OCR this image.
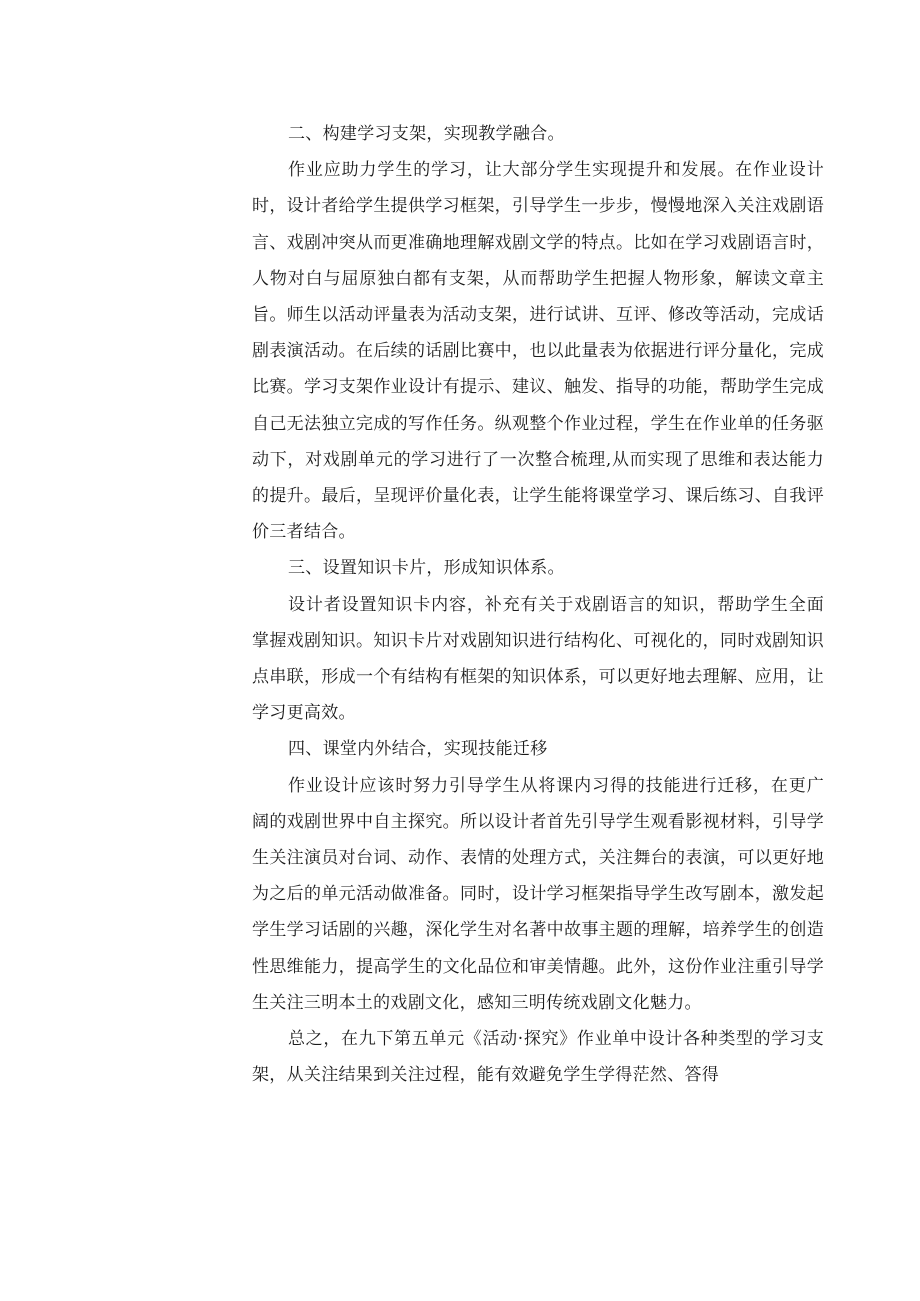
二、构建学习支架，实现教学融合。

作业应助力学生的学习，让大部分学生实现提升和发展。在作业设计时，设计者给学生提供学习框架，引导学生一步步，慢慢地深入关注戏剧语言、戏剧冲突从而更准确地理解戏剧文学的特点。比如在学习戏剧语言时，人物对白与屈原独白都有支架，从而帮助学生把握人物形象，解读文章主旨。师生以活动评量表为活动支架，进行试讲、互评、修改等活动，完成话剧表演活动。在后续的话剧比赛中，也以此量表为依据进行评分量化，完成比赛。学习支架作业设计有提示、建议、触发、指导的功能，帮助学生完成自己无法独立完成的写作任务。纵观整个作业过程，学生在作业单的任务驱动下，对戏剧单元的学习进行了一次整合梳理,从而实现了思维和表达能力的提升。最后，呈现评价量化表，让学生能将课堂学习、课后练习、自我评价三者结合。

三、设置知识卡片，形成知识体系。

设计者设置知识卡内容，补充有关于戏剧语言的知识，帮助学生全面掌握戏剧知识。知识卡片对戏剧知识进行结构化、可视化的，同时戏剧知识点串联，形成一个有结构有框架的知识体系，可以更好地去理解、应用，让学习更高效。

四、课堂内外结合，实现技能迁移

作业设计应该时努力引导学生从将课内习得的技能进行迁移，在更广阔的戏剧世界中自主探究。所以设计者首先引导学生观看影视材料，引导学生关注演员对台词、动作、表情的处理方式，关注舞台的表演，可以更好地为之后的单元活动做准备。同时，设计学习框架指导学生改写剧本，激发起学生学习话剧的兴趣，深化学生对名著中故事主题的理解，培养学生的创造性思维能力，提高学生的文化品位和审美情趣。此外，这份作业注重引导学生关注三明本土的戏剧文化，感知三明传统戏剧文化魅力。

总之，在九下第五单元《活动·探究》作业单中设计各种类型的学习支架，从关注结果到关注过程，能有效避免学生学得茫然、答得
